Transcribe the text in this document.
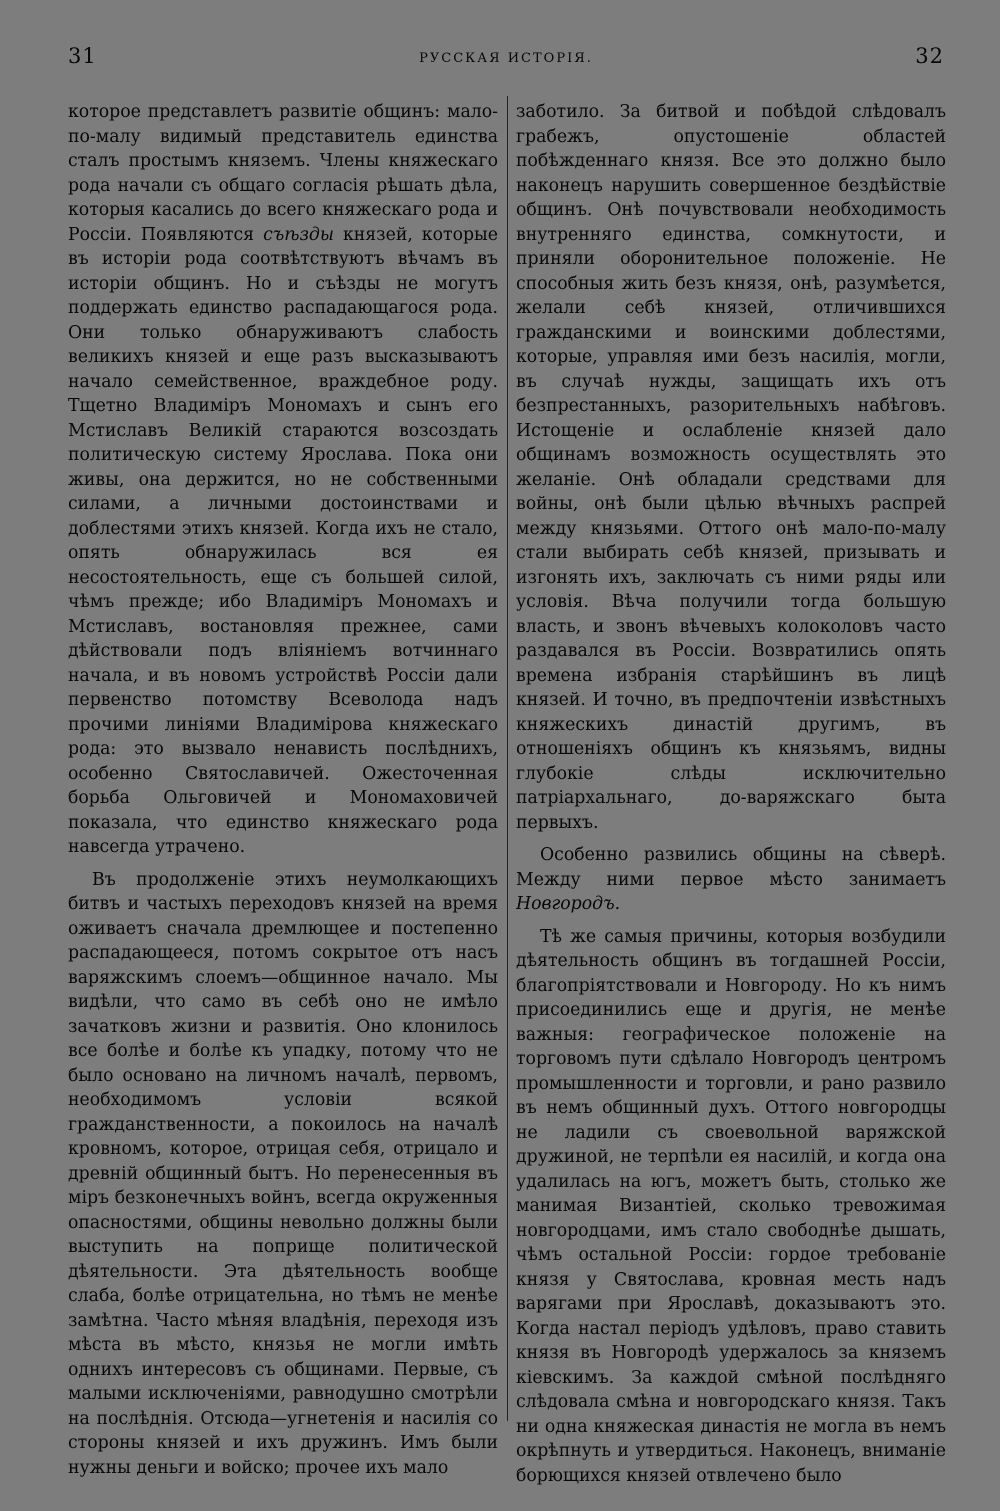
31	РУССКАЯ ИСТОРІЯ.	32

которое представлетъ развитіе общинъ: мало-по-малу видимый представитель единства сталъ простымъ княземъ. Члены княжескаго рода начали съ общаго согласія рѣшать дѣла, которыя касались до всего княжескаго рода и Россіи. Появляются съѣзды князей, которые въ исторіи рода соотвѣтствуютъ вѣчамъ въ исторіи общинъ. Но и съѣзды не могутъ поддержать единство распадающагося рода. Они только обнаруживаютъ слабость великихъ князей и еще разъ высказываютъ начало семейственное, враждебное роду. Тщетно Владиміръ Мономахъ и сынъ его Мстиславъ Великій стараются возсоздать политическую систему Ярослава. Пока они живы, она держится, но не собственными силами, а личными достоинствами и доблестями этихъ князей. Когда ихъ не стало, опять обнаружилась вся ея несостоятельность, еще съ большей силой, чѣмъ прежде; ибо Владиміръ Мономахъ и Мстиславъ, востановляя прежнее, сами дѣйствовали подъ вліяніемъ вотчиннаго начала, и въ новомъ устройствѣ Россіи дали первенство потомству Всеволода надъ прочими линіями Владимірова княжескаго рода: это вызвало ненависть послѣднихъ, особенно Святославичей. Ожесточенная борьба Ольговичей и Мономаховичей показала, что единство княжескаго рода навсегда утрачено.

Въ продолженіе этихъ неумолкающихъ битвъ и частыхъ переходовъ князей на время оживаетъ сначала дремлющее и постепенно распадающееся, потомъ сокрытое отъ насъ варяжскимъ слоемъ—общинное начало. Мы видѣли, что само въ себѣ оно не имѣло зачатковъ жизни и развитія. Оно клонилось все болѣе и болѣе къ упадку, потому что не было основано на личномъ началѣ, первомъ, необходимомъ условіи всякой гражданственности, а покоилось на началѣ кровномъ, которое, отрицая себя, отрицало и древній общинный бытъ. Но перенесенныя въ міръ безконечныхъ войнъ, всегда окруженныя опасностями, общины невольно должны были выступить на поприще политической дѣятельности. Эта дѣятельность вообще слаба, болѣе отрицательна, но тѣмъ не менѣе замѣтна. Часто мѣняя владѣнія, переходя изъ мѣста въ мѣсто, князья не могли имѣть однихъ интересовъ съ общинами. Первые, съ малыми исключеніями, равнодушно смотрѣли на послѣднія. Отсюда—угнетенія и насилія со стороны князей и ихъ дружинъ. Имъ были нужны деньги и войско; прочее ихъ мало

заботило. За битвой и побѣдой слѣдовалъ грабежъ, опустошеніе областей побѣжденнаго князя. Все это должно было наконецъ нарушить совершенное бездѣйствіе общинъ. Онѣ почувствовали необходимость внутренняго единства, сомкнутости, и приняли оборонительное положеніе. Не способныя жить безъ князя, онѣ, разумѣется, желали себѣ князей, отличившихся гражданскими и воинскими доблестями, которые, управляя ими безъ насилія, могли, въ случаѣ нужды, защищать ихъ отъ безпрестанныхъ, разорительныхъ набѣговъ. Истощеніе и ослабленіе князей дало общинамъ возможность осуществлять это желаніе. Онѣ обладали средствами для войны, онѣ были цѣлью вѣчныхъ распрей между князьями. Оттого онѣ мало-по-малу стали выбирать себѣ князей, призывать и изгонять ихъ, заключать съ ними ряды или условія. Вѣча получили тогда большую власть, и звонъ вѣчевыхъ колоколовъ часто раздавался въ Россіи. Возвратились опять времена избранія старѣйшинъ въ лицѣ князей. И точно, въ предпочтеніи извѣстныхъ княжескихъ династій другимъ, въ отношеніяхъ общинъ къ князьямъ, видны глубокіе слѣды исключительно патріархальнаго, до-варяжскаго быта первыхъ.

Особенно развились общины на сѣверѣ. Между ними первое мѣсто занимаетъ Новгородъ.

Тѣ же самыя причины, которыя возбудили дѣятельность общинъ въ тогдашней Россіи, благопріятствовали и Новгороду. Но къ нимъ присоединились еще и другія, не менѣе важныя: географическое положеніе на торговомъ пути сдѣлало Новгородъ центромъ промышленности и торговли, и рано развило въ немъ общинный духъ. Оттого новгородцы не ладили съ своевольной варяжской дружиной, не терпѣли ея насилій, и когда она удалилась на югъ, можетъ быть, столько же манимая Византіей, сколько тревожимая новгородцами, имъ стало свободнѣе дышать, чѣмъ остальной Россіи: гордое требованіе князя у Святослава, кровная месть надъ варягами при Ярославѣ, доказываютъ это. Когда настал періодъ удѣловъ, право ставить князя въ Новгородѣ удержалось за княземъ кіевскимъ. За каждой смѣной послѣдняго слѣдовала смѣна и новгородскаго князя. Такъ ни одна княжеская династія не могла въ немъ окрѣпнуть и утвердиться. Наконецъ, вниманіе борющихся князей отвлечено было
